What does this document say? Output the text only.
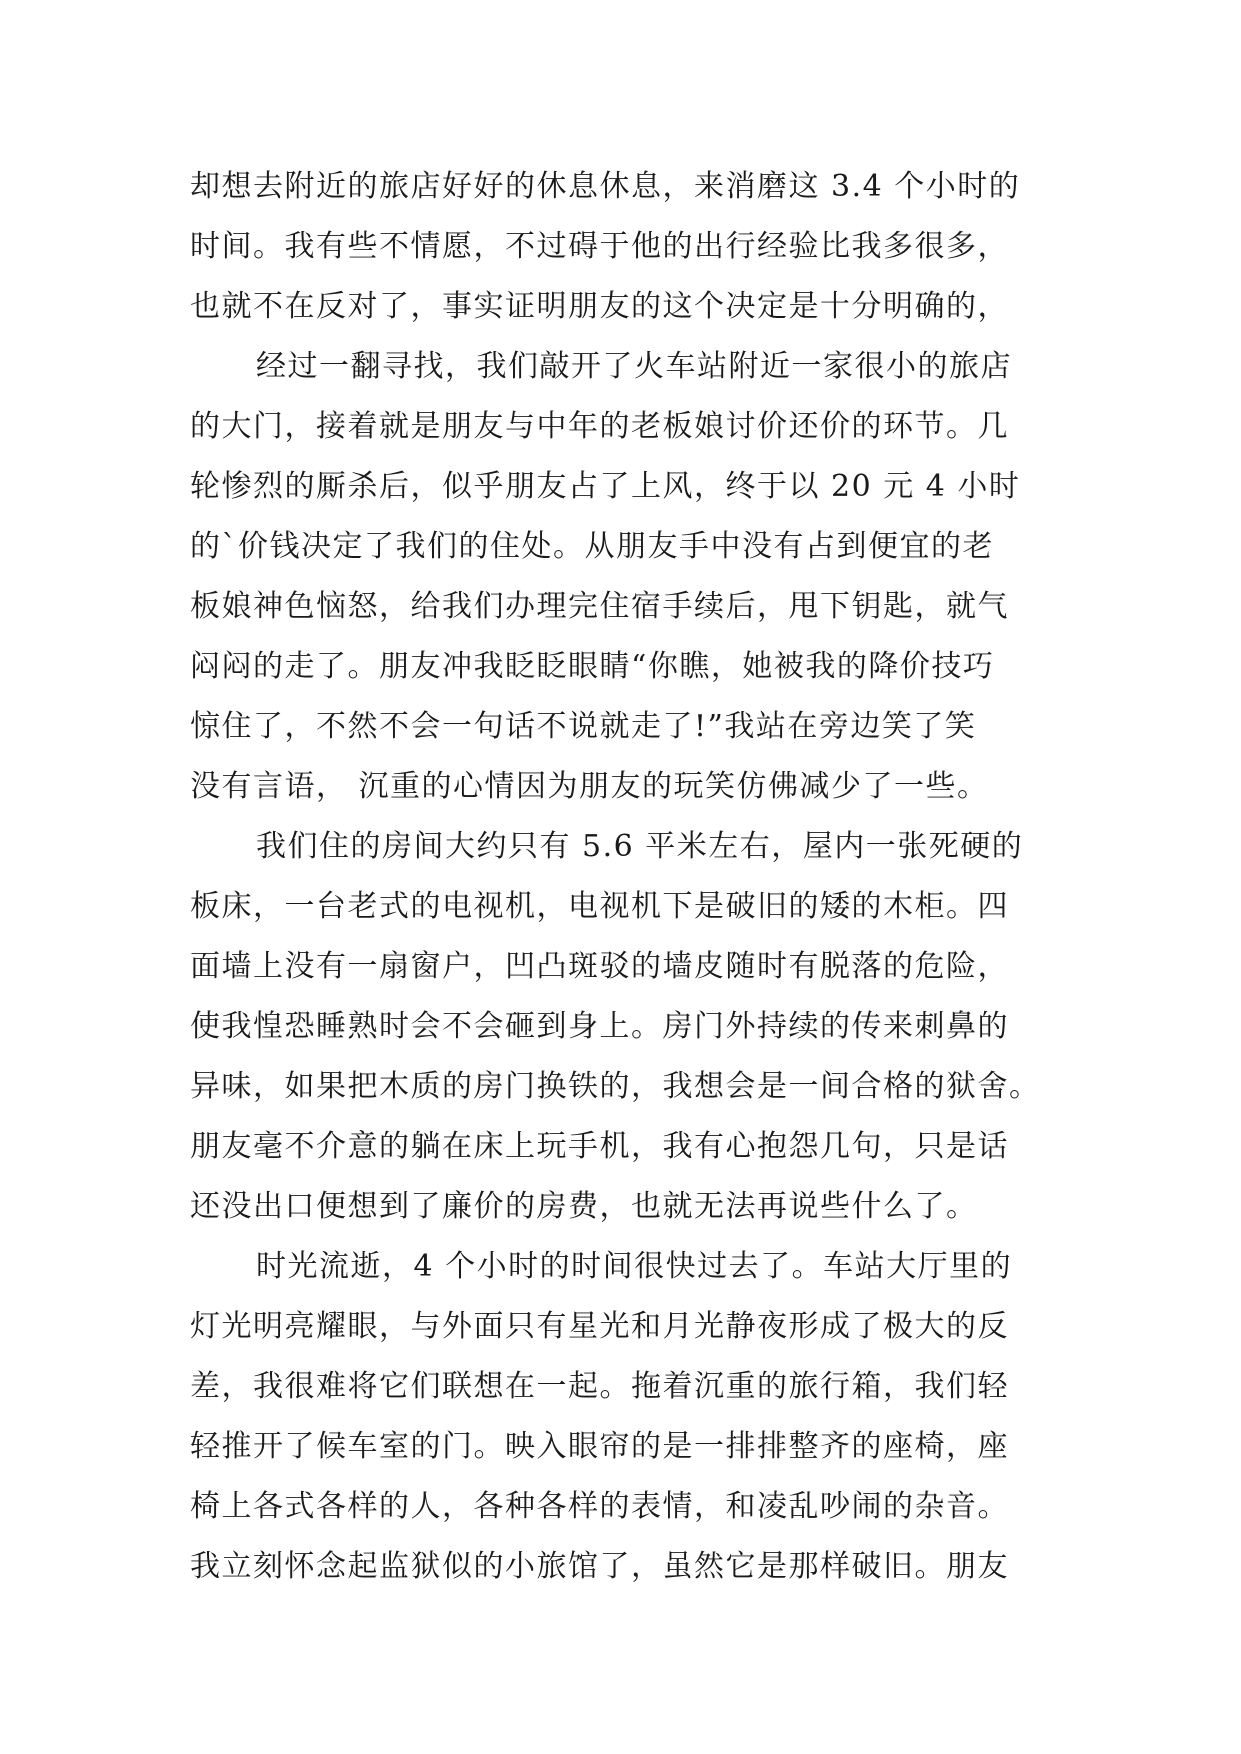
却想去附近的旅店好好的休息休息，来消磨这 3.4 个小时的
时间。我有些不情愿，不过碍于他的出行经验比我多很多，
也就不在反对了，事实证明朋友的这个决定是十分明确的，
经过一翻寻找，我们敲开了火车站附近一家很小的旅店
的大门，接着就是朋友与中年的老板娘讨价还价的环节。几
轮惨烈的厮杀后，似乎朋友占了上风，终于以 20 元 4 小时
的`价钱决定了我们的住处。从朋友手中没有占到便宜的老
板娘神色恼怒，给我们办理完住宿手续后，甩下钥匙，就气
闷闷的走了。朋友冲我眨眨眼睛“你瞧，她被我的降价技巧
惊住了，不然不会一句话不说就走了!”我站在旁边笑了笑
没有言语， 沉重的心情因为朋友的玩笑仿佛减少了一些。
我们住的房间大约只有 5.6 平米左右，屋内一张死硬的
板床，一台老式的电视机，电视机下是破旧的矮的木柜。四
面墙上没有一扇窗户，凹凸斑驳的墙皮随时有脱落的危险，
使我惶恐睡熟时会不会砸到身上。房门外持续的传来刺鼻的
异味，如果把木质的房门换铁的，我想会是一间合格的狱舍。
朋友毫不介意的躺在床上玩手机，我有心抱怨几句，只是话
还没出口便想到了廉价的房费，也就无法再说些什么了。
时光流逝，4 个小时的时间很快过去了。车站大厅里的
灯光明亮耀眼，与外面只有星光和月光静夜形成了极大的反
差，我很难将它们联想在一起。拖着沉重的旅行箱，我们轻
轻推开了候车室的门。映入眼帘的是一排排整齐的座椅，座
椅上各式各样的人，各种各样的表情，和凌乱吵闹的杂音。
我立刻怀念起监狱似的小旅馆了，虽然它是那样破旧。朋友
